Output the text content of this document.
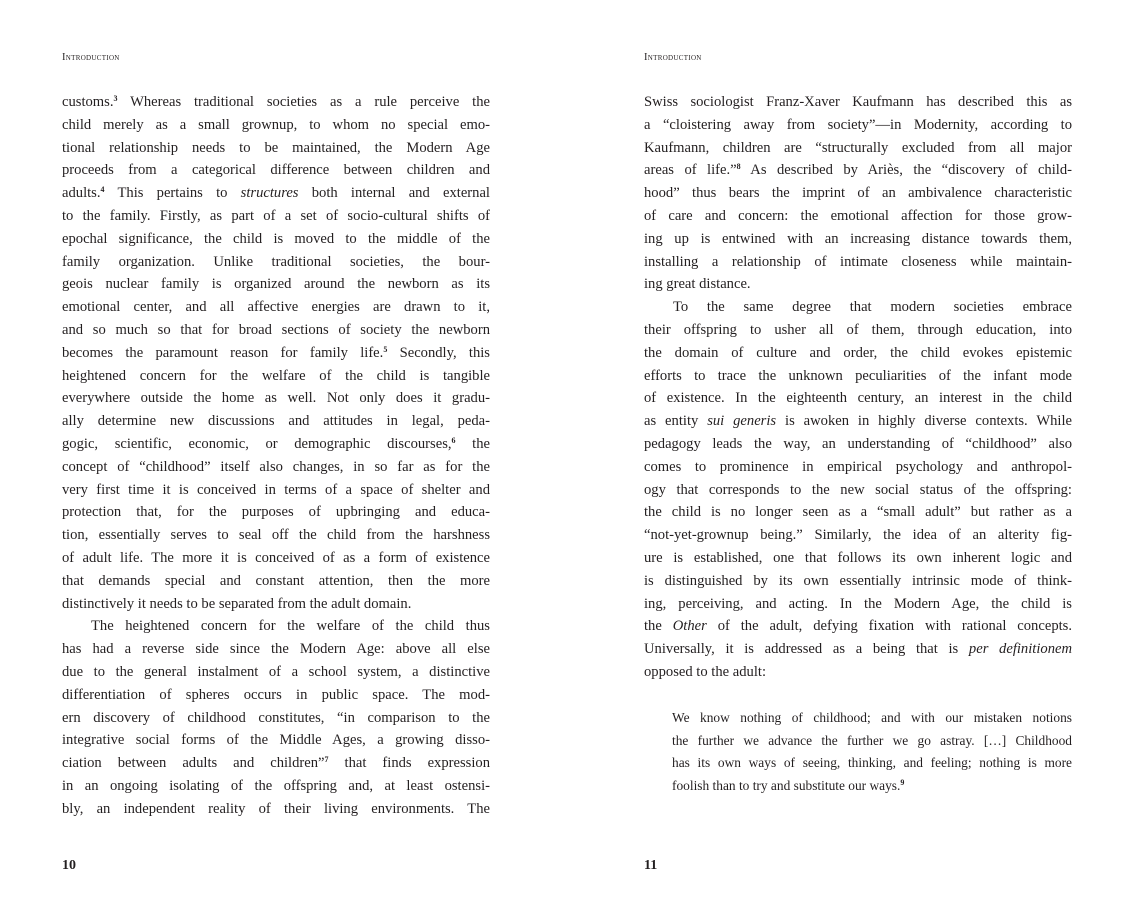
Introduction
customs.$^3$ Whereas traditional societies as a rule perceive the
child merely as a small grownup, to whom no special emo-
tional relationship needs to be maintained, the Modern Age
proceeds from a categorical difference between children and
adults.$^4$ This pertains to structures both internal and external
to the family. Firstly, as part of a set of socio-cultural shifts of
epochal significance, the child is moved to the middle of the
family organization. Unlike traditional societies, the bour-
geois nuclear family is organized around the newborn as its
emotional center, and all affective energies are drawn to it,
and so much so that for broad sections of society the newborn
becomes the paramount reason for family life.$^5$ Secondly, this
heightened concern for the welfare of the child is tangible
everywhere outside the home as well. Not only does it gradu-
ally determine new discussions and attitudes in legal, peda-
gogic, scientific, economic, or demographic discourses,$^6$ the
concept of “childhood” itself also changes, in so far as for the
very first time it is conceived in terms of a space of shelter and
protection that, for the purposes of upbringing and educa-
tion, essentially serves to seal off the child from the harshness
of adult life. The more it is conceived of as a form of existence
that demands special and constant attention, then the more
distinctively it needs to be separated from the adult domain.
The heightened concern for the welfare of the child thus
has had a reverse side since the Modern Age: above all else
due to the general instalment of a school system, a distinctive
differentiation of spheres occurs in public space. The mod-
ern discovery of childhood constitutes, “in comparison to the
integrative social forms of the Middle Ages, a growing disso-
ciation between adults and children”$^7$ that finds expression
in an ongoing isolating of the offspring and, at least ostensi-
bly, an independent reality of their living environments. The
10
Introduction
Swiss sociologist Franz-Xaver Kaufmann has described this as
a “cloistering away from society”—in Modernity, according to
Kaufmann, children are “structurally excluded from all major
areas of life.”$^8$ As described by Ariès, the “discovery of child-
hood” thus bears the imprint of an ambivalence characteristic
of care and concern: the emotional affection for those grow-
ing up is entwined with an increasing distance towards them,
installing a relationship of intimate closeness while maintain-
ing great distance.
To the same degree that modern societies embrace
their offspring to usher all of them, through education, into
the domain of culture and order, the child evokes epistemic
efforts to trace the unknown peculiarities of the infant mode
of existence. In the eighteenth century, an interest in the child
as entity sui generis is awoken in highly diverse contexts. While
pedagogy leads the way, an understanding of “childhood” also
comes to prominence in empirical psychology and anthropol-
ogy that corresponds to the new social status of the offspring:
the child is no longer seen as a “small adult” but rather as a
“not-yet-grownup being.” Similarly, the idea of an alterity fig-
ure is established, one that follows its own inherent logic and
is distinguished by its own essentially intrinsic mode of think-
ing, perceiving, and acting. In the Modern Age, the child is
the Other of the adult, defying fixation with rational concepts.
Universally, it is addressed as a being that is per definitionem
opposed to the adult:
We know nothing of childhood; and with our mistaken notions
the further we advance the further we go astray. […] Childhood
has its own ways of seeing, thinking, and feeling; nothing is more
foolish than to try and substitute our ways.$^9$
11
